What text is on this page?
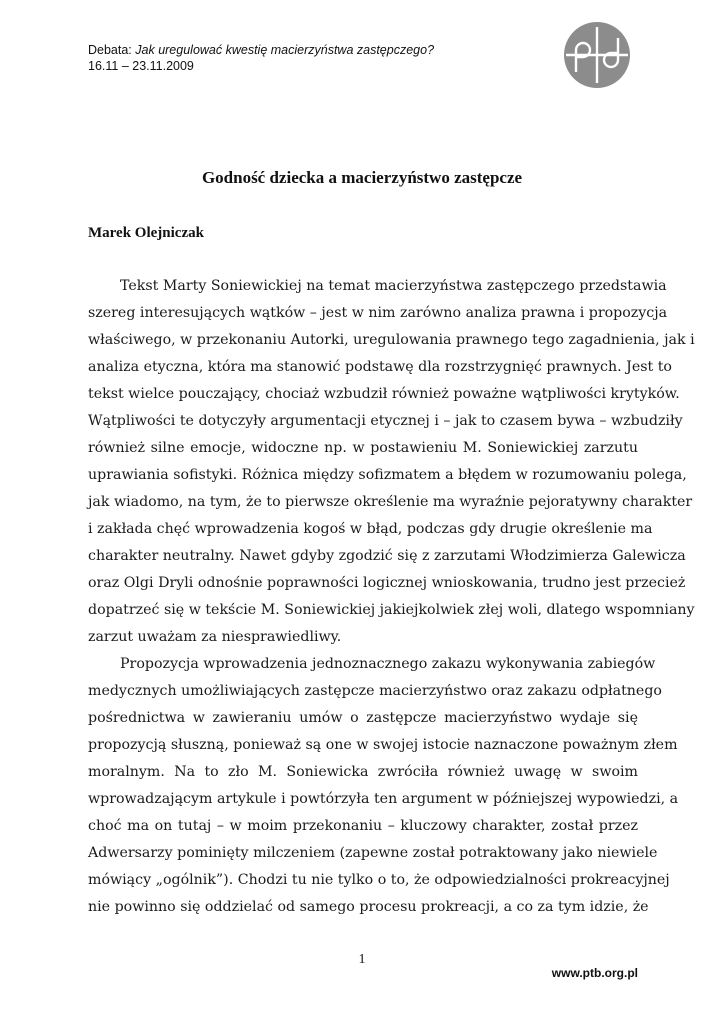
Debata: Jak uregulować kwestię macierzyństwa zastępczego?
16.11 – 23.11.2009
Godność dziecka a macierzyństwo zastępcze
Marek Olejniczak
Tekst Marty Soniewickiej na temat macierzyństwa zastępczego przedstawia
szereg interesujących wątków – jest w nim zarówno analiza prawna i propozycja
właściwego, w przekonaniu Autorki, uregulowania prawnego tego zagadnienia, jak i
analiza etyczna, która ma stanowić podstawę dla rozstrzygnięć prawnych. Jest to
tekst wielce pouczający, chociaż wzbudził również poważne wątpliwości krytyków.
Wątpliwości te dotyczyły argumentacji etycznej i – jak to czasem bywa – wzbudziły
również silne emocje, widoczne np. w postawieniu M. Soniewickiej zarzutu
uprawiania sofistyki. Różnica między sofizmatem a błędem w rozumowaniu polega,
jak wiadomo, na tym, że to pierwsze określenie ma wyraźnie pejoratywny charakter
i zakłada chęć wprowadzenia kogoś w błąd, podczas gdy drugie określenie ma
charakter neutralny. Nawet gdyby zgodzić się z zarzutami Włodzimierza Galewicza
oraz Olgi Dryli odnośnie poprawności logicznej wnioskowania, trudno jest przecież
dopatrzeć się w tekście M. Soniewickiej jakiejkolwiek złej woli, dlatego wspomniany
zarzut uważam za niesprawiedliwy.
Propozycja wprowadzenia jednoznacznego zakazu wykonywania zabiegów
medycznych umożliwiających zastępcze macierzyństwo oraz zakazu odpłatnego
pośrednictwa w zawieraniu umów o zastępcze macierzyństwo wydaje się
propozycją słuszną, ponieważ są one w swojej istocie naznaczone poważnym złem
moralnym. Na to zło M. Soniewicka zwróciła również uwagę w swoim
wprowadzającym artykule i powtórzyła ten argument w późniejszej wypowiedzi, a
choć ma on tutaj – w moim przekonaniu – kluczowy charakter, został przez
Adwersarzy pominięty milczeniem (zapewne został potraktowany jako niewiele
mówiący „ogólnik”). Chodzi tu nie tylko o to, że odpowiedzialności prokreacyjnej
nie powinno się oddzielać od samego procesu prokreacji, a co za tym idzie, że
1
www.ptb.org.pl
